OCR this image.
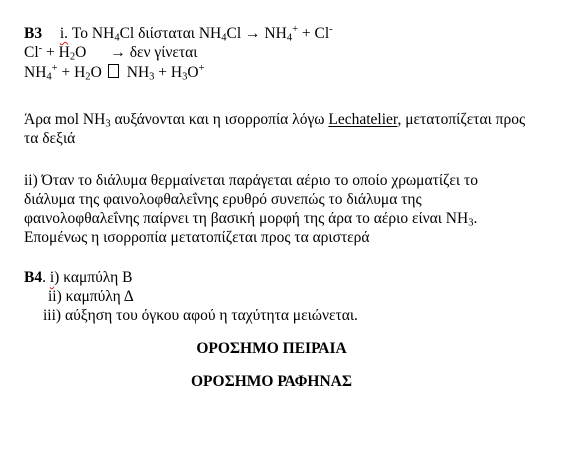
B3 i. Το $NH_4Cl$ διίσταται $NH_4Cl \to NH_4^+ + Cl^-$
$Cl^- + H_2O \to \delta\varepsilon\nu$ γίνεται
$NH_4^+ + H_2O$ $NH_3 + H_3O^+$
Άρα mol $NH_3$ αυξάνονται και η ισορροπία λόγω Lechatelier, μετατοπίζεται προς
τα δεξιά
ii) Όταν το διάλυμα θερμαίνεται παράγεται αέριο το οποίο χρωματίζει το
διάλυμα της φαινολοφθαλεΐνης ερυθρό συνεπώς το διάλυμα της
φαινολοφθαλεΐνης παίρνει τη βασική μορφή της άρα το αέριο είναι $NH_3$.
Επομένως η ισορροπία μετατοπίζεται προς τα αριστερά
B4. i) καμπύλη Β
ii) καμπύλη Δ
iii) αύξηση του όγκου αφού η ταχύτητα μειώνεται.
ΟΡΟΣΗΜΟ ΠΕΙΡΑΙΑ
ΟΡΟΣΗΜΟ ΡΑΦΗΝΑΣ
